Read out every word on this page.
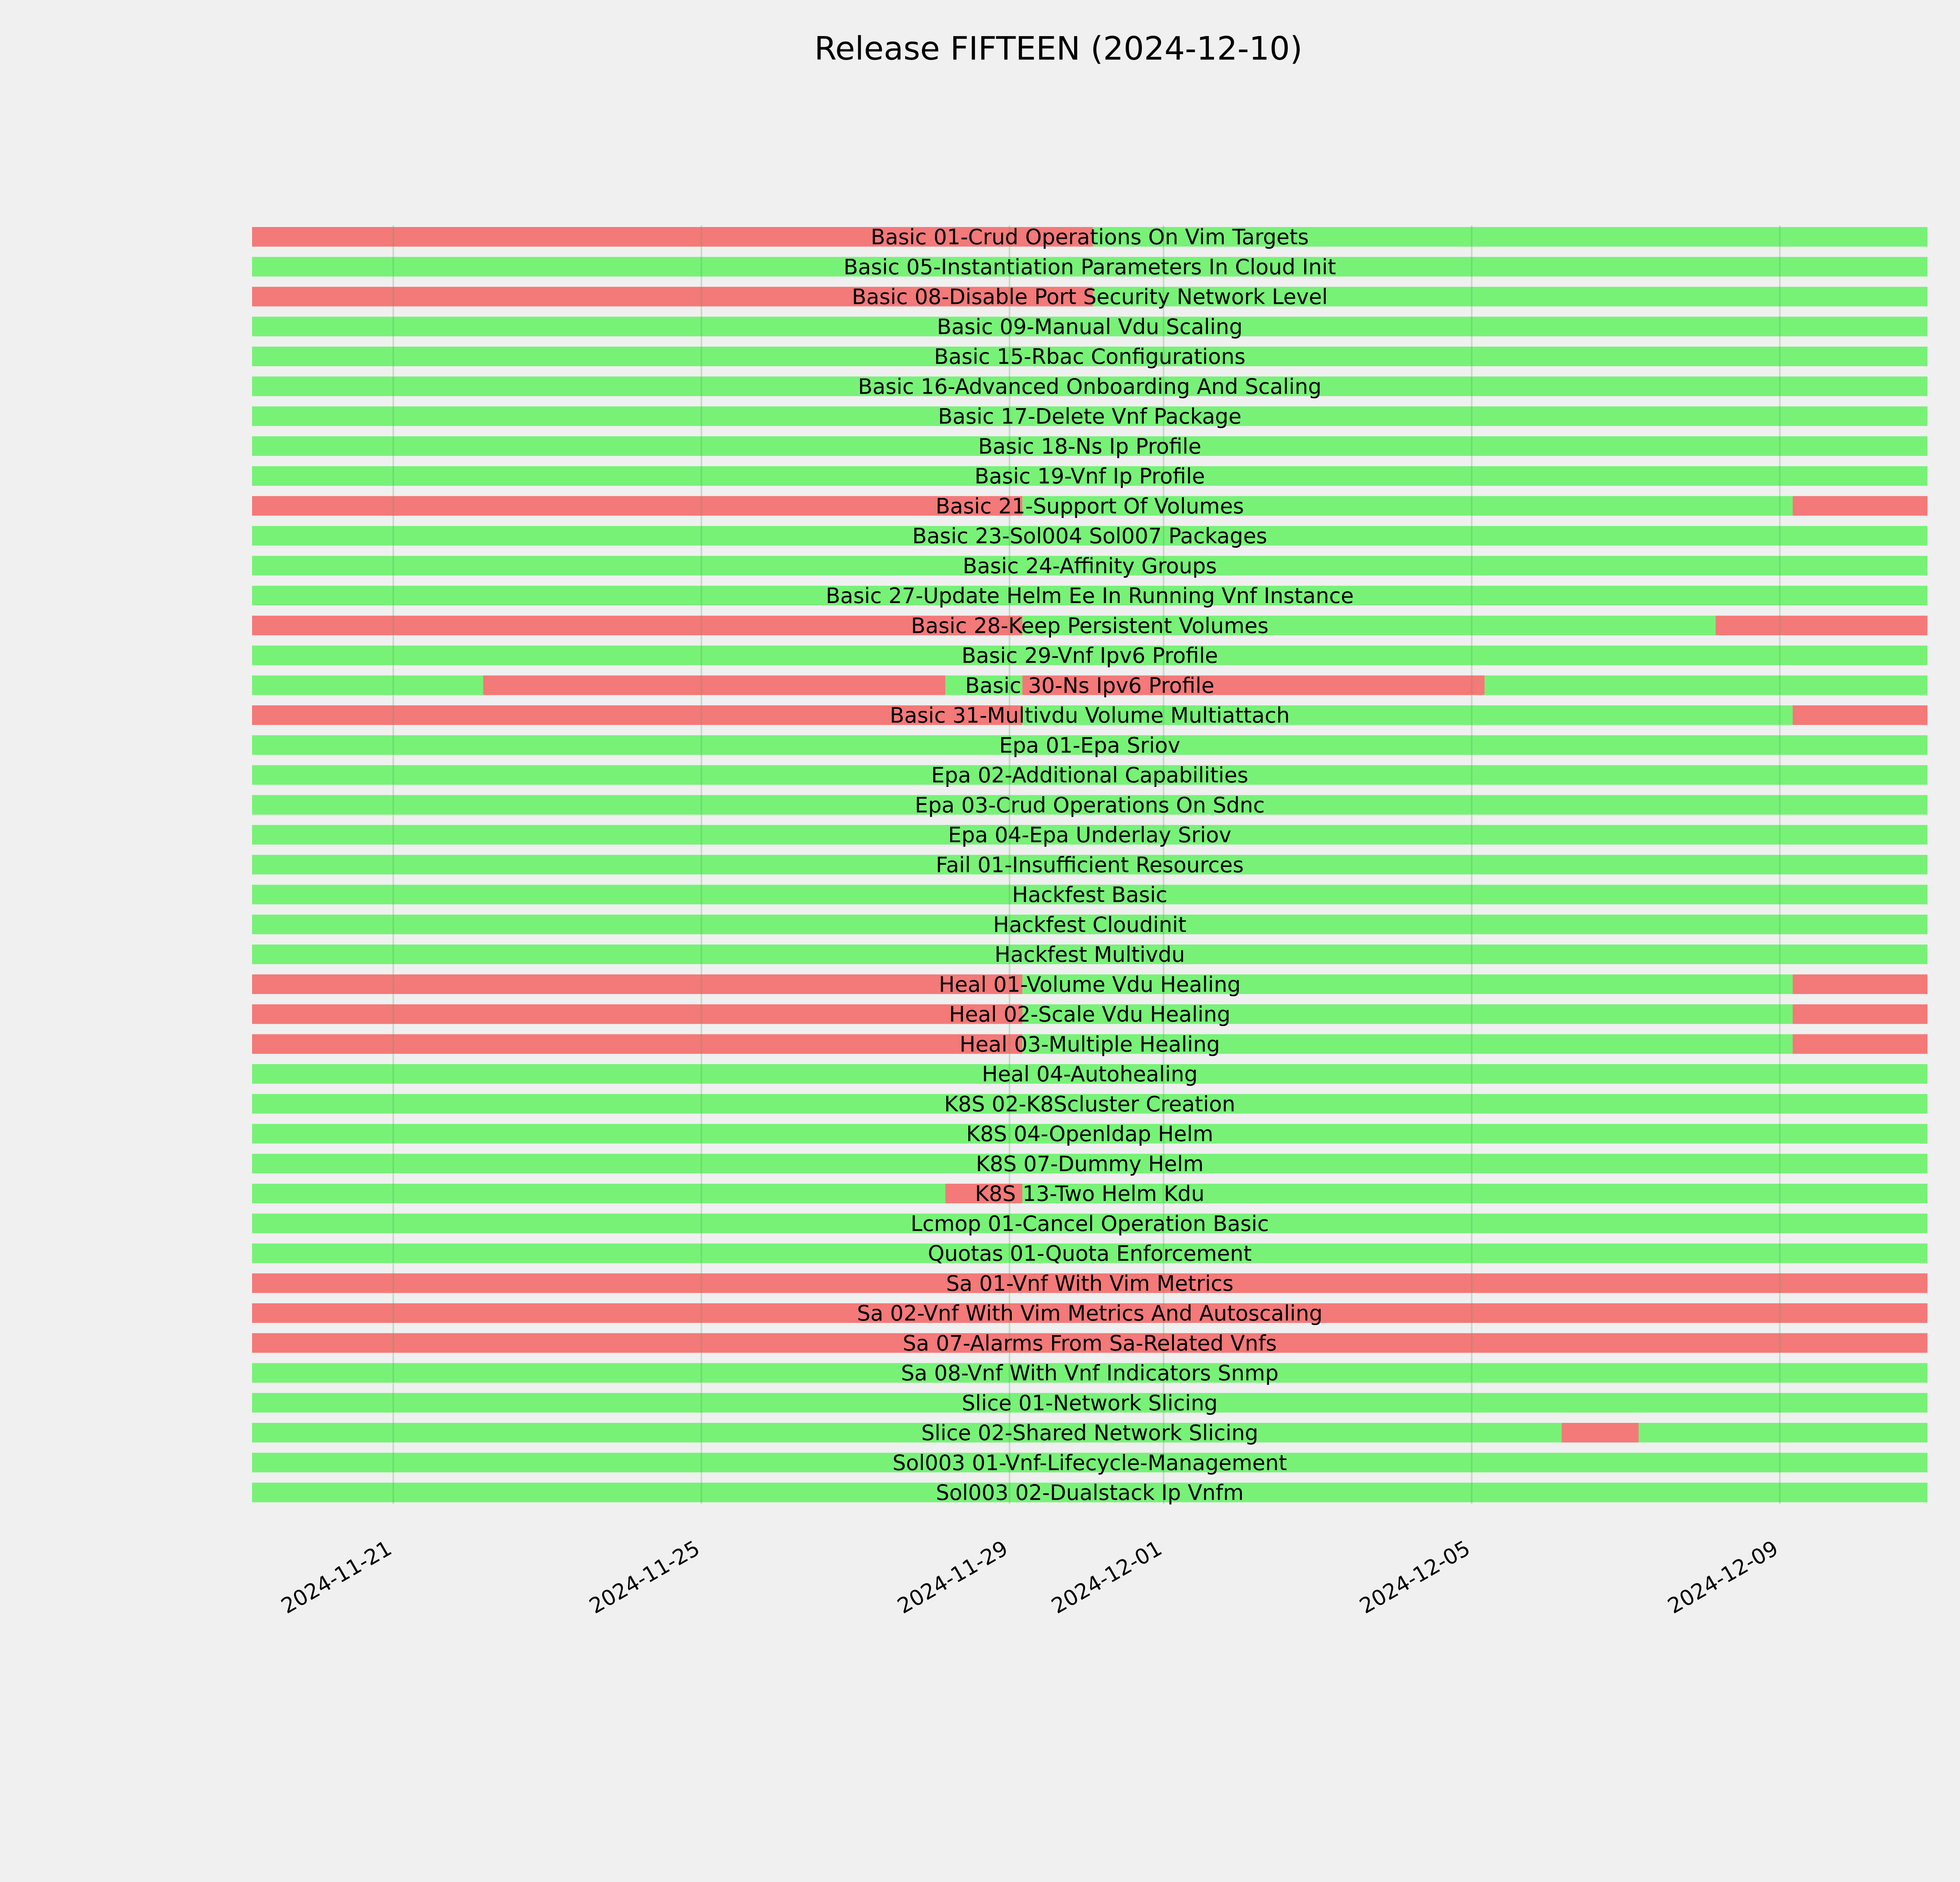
Release FIFTEEN (2024-12-10)
Basic 01-Crud Operations On Vim Targets
Basic 05-Instantiation Parameters In Cloud Init
Basic 08-Disable Port Security Network Level
Basic 09-Manual Vdu Scaling
Basic 15-Rbac Configurations
Basic 16-Advanced Onboarding And Scaling
Basic 17-Delete Vnf Package
Basic 18-Ns Ip Profile
Basic 19-Vnf Ip Profile
Basic 21-Support Of Volumes
Basic 23-Sol004 Sol007 Packages
Basic 24-Affinity Groups
Basic 27-Update Helm Ee In Running Vnf Instance
Basic 28-Keep Persistent Volumes
Basic 29-Vnf Ipv6 Profile
Basic 30-Ns Ipv6 Profile
Basic 31-Multivdu Volume Multiattach
Epa 01-Epa Sriov
Epa 02-Additional Capabilities
Epa 03-Crud Operations On Sdnc
Epa 04-Epa Underlay Sriov
Fail 01-Insufficient Resources
Hackfest Basic
Hackfest Cloudinit
Hackfest Multivdu
Heal 01-Volume Vdu Healing
Heal 02-Scale Vdu Healing
Heal 03-Multiple Healing
Heal 04-Autohealing
K8S 02-K8Scluster Creation
K8S 04-Openldap Helm
K8S 07-Dummy Helm
K8S 13-Two Helm Kdu
Lcmop 01-Cancel Operation Basic
Quotas 01-Quota Enforcement
Sa 01-Vnf With Vim Metrics
Sa 02-Vnf With Vim Metrics And Autoscaling
Sa 07-Alarms From Sa-Related Vnfs
Sa 08-Vnf With Vnf Indicators Snmp
Slice 01-Network Slicing
Slice 02-Shared Network Slicing
Sol003 01-Vnf-Lifecycle-Management
Sol003 02-Dualstack Ip Vnfm
2024-11-21	2024-11-25	2024-11-29 2024-12-01	2024-12-05	2024-12-09
